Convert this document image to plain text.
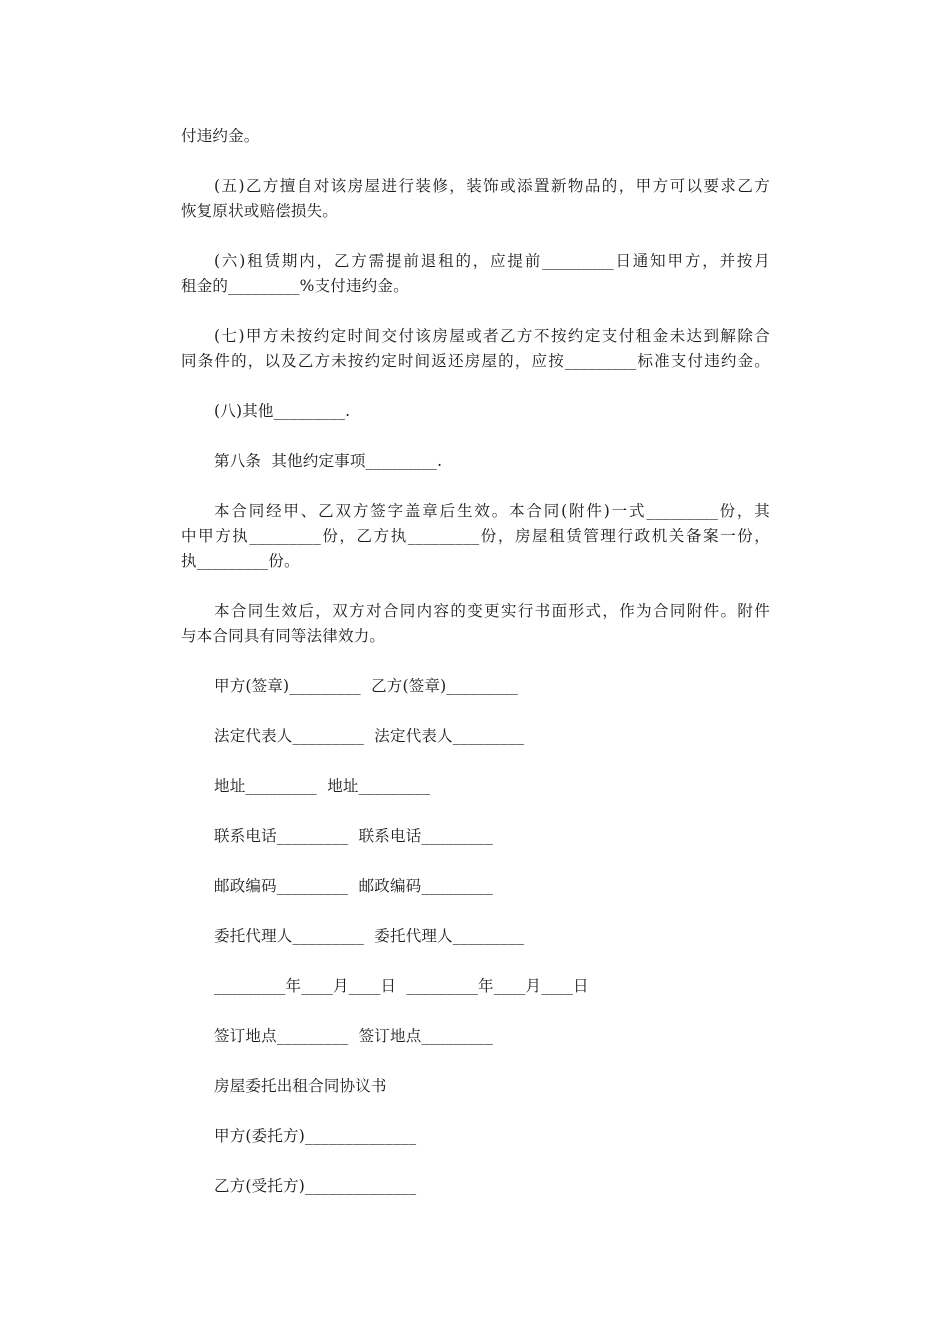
付违约金。
(五)乙方擅自对该房屋进行装修，装饰或添置新物品的，甲方可以要求乙方
恢复原状或赔偿损失。
(六)租赁期内，乙方需提前退租的，应提前_________日通知甲方，并按月
租金的_________%支付违约金。
(七)甲方未按约定时间交付该房屋或者乙方不按约定支付租金未达到解除合
同条件的，以及乙方未按约定时间返还房屋的，应按_________标准支付违约金。
(八)其他_________.
第八条  其他约定事项_________.
本合同经甲、乙双方签字盖章后生效。本合同(附件)一式_________份，其
中甲方执_________份，乙方执_________份，房屋租赁管理行政机关备案一份，
执_________份。
本合同生效后，双方对合同内容的变更实行书面形式，作为合同附件。附件
与本合同具有同等法律效力。
甲方(签章)_________  乙方(签章)_________
法定代表人_________  法定代表人_________
地址_________  地址_________
联系电话_________  联系电话_________
邮政编码_________  邮政编码_________
委托代理人_________  委托代理人_________
_________年____月____日  _________年____月____日
签订地点_________  签订地点_________
房屋委托出租合同协议书
甲方(委托方)______________
乙方(受托方)______________
